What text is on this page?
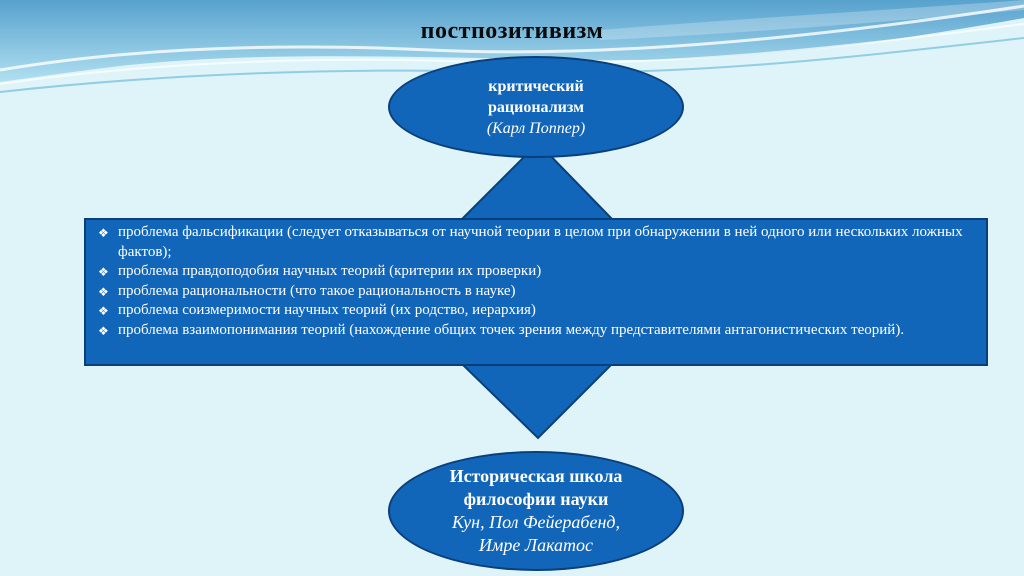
постпозитивизм
критический
рационализм
(Карл Поппер)
❖ проблема фальсификации (следует отказываться от научной теории в целом при обнаружении в ней одного или нескольких ложных фактов);
❖ проблема правдоподобия научных теорий (критерии их проверки)
❖ проблема рациональности (что такое рациональность в науке)
❖ проблема соизмеримости научных теорий (их родство, иерархия)
❖ проблема взаимопонимания теорий (нахождение общих точек зрения между представителями антагонистических теорий).
Историческая школа
философии науки
Кун, Пол Фейерабенд,
Имре Лакатос
